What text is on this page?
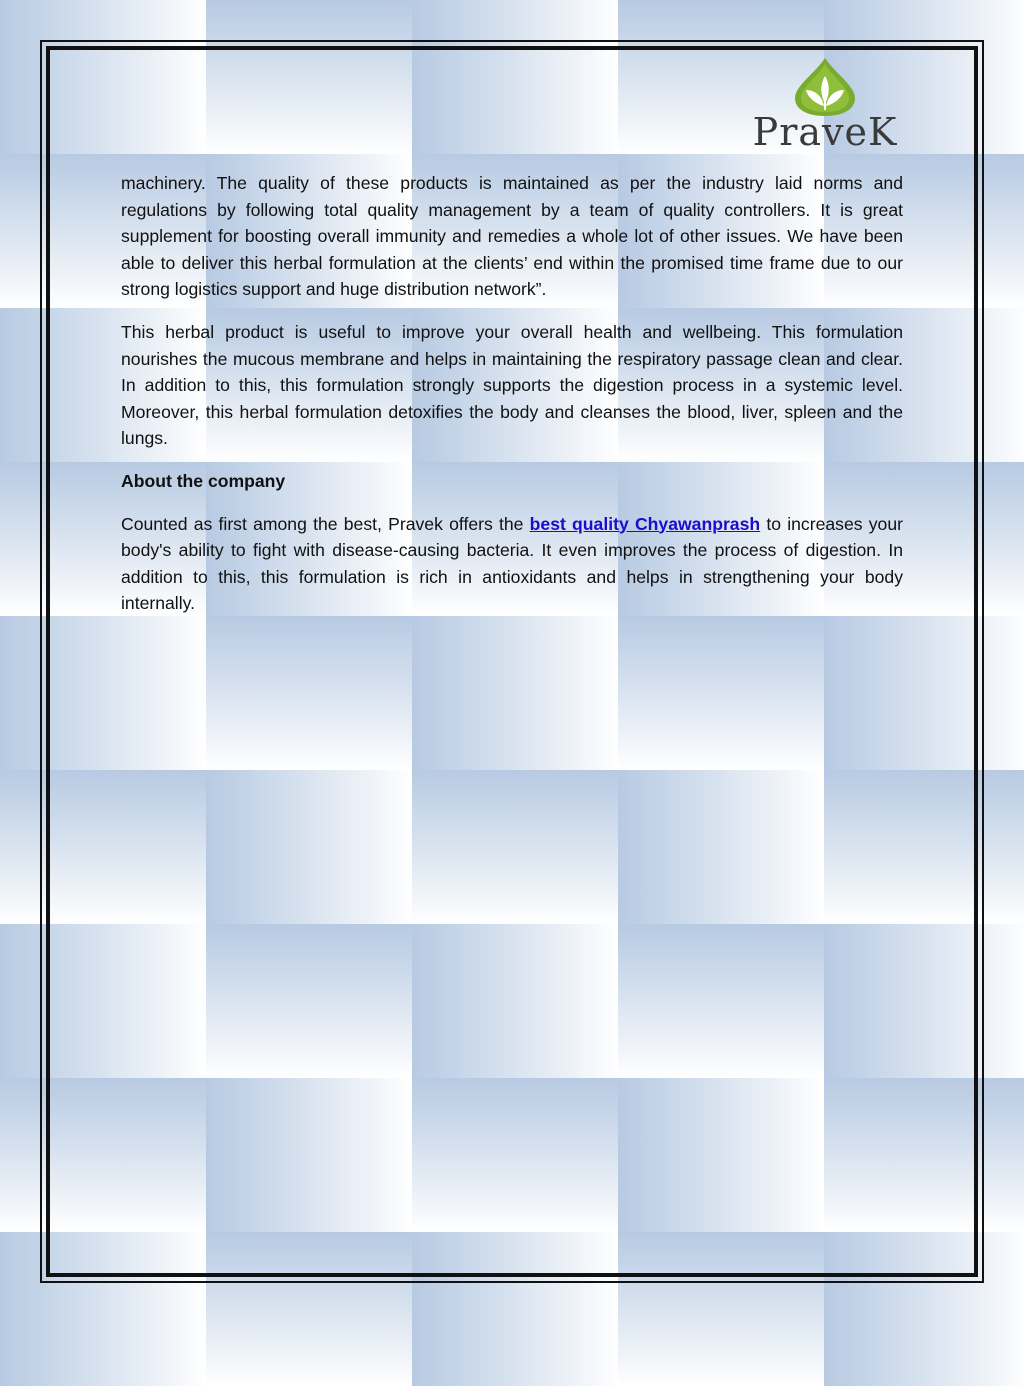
PraveK

machinery. The quality of these products is maintained as per the industry laid norms and regulations by following total quality management by a team of quality controllers. It is great supplement for boosting overall immunity and remedies a whole lot of other issues. We have been able to deliver this herbal formulation at the clients’ end within the promised time frame due to our strong logistics support and huge distribution network”.

This herbal product is useful to improve your overall health and wellbeing. This formulation nourishes the mucous membrane and helps in maintaining the respiratory passage clean and clear. In addition to this, this formulation strongly supports the digestion process in a systemic level. Moreover, this herbal formulation detoxifies the body and cleanses the blood, liver, spleen and the lungs.

About the company

Counted as first among the best, Pravek offers the best quality Chyawanprash to increases your body's ability to fight with disease-causing bacteria. It even improves the process of digestion. In addition to this, this formulation is rich in antioxidants and helps in strengthening your body internally.
